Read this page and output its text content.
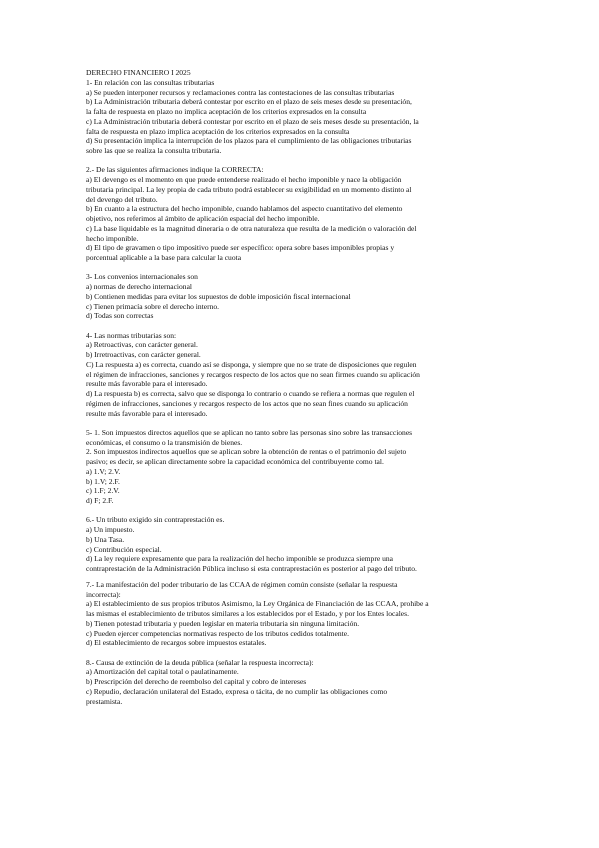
DERECHO FINANCIERO I 2025

1- En relación con las consultas tributarias

a) Se pueden interponer recursos y reclamaciones contra las contestaciones de las consultas tributarias

b) La Administración tributaria deberá contestar por escrito en el plazo de seis meses desde su presentación,

la falta de respuesta en plazo no implica aceptación de los criterios expresados en la consulta

c) La Administración tributaria deberá contestar por escrito en el plazo de seis meses desde su presentación, la

falta de respuesta en plazo implica aceptación de los criterios expresados en la consulta

d) Su presentación implica la interrupción de los plazos para el cumplimiento de las obligaciones tributarias

sobre las que se realiza la consulta tributaria.

2.- De las siguientes afirmaciones indique la CORRECTA:

a) El devengo es el momento en que puede entenderse realizado el hecho imponible y nace la obligación

tributaria principal. La ley propia de cada tributo podrá establecer su exigibilidad en un momento distinto al

del devengo del tributo.

b) En cuanto a la estructura del hecho imponible, cuando hablamos del aspecto cuantitativo del elemento

objetivo, nos referimos al ámbito de aplicación espacial del hecho imponible.

c) La base liquidable es la magnitud dineraria o de otra naturaleza que resulta de la medición o valoración del

hecho imponible.

d) El tipo de gravamen o tipo impositivo puede ser específico: opera sobre bases imponibles propias y

porcentual aplicable a la base para calcular la cuota

3- Los convenios internacionales son

a) normas de derecho internacional

b) Contienen medidas para evitar los supuestos de doble imposición fiscal internacional

c) Tienen primacía sobre el derecho interno.

d) Todas son correctas

4- Las normas tributarias son:

a) Retroactivas, con carácter general.

b) Irretroactivas, con carácter general.

C) La respuesta a) es correcta, cuando así se disponga, y siempre que no se trate de disposiciones que regulen

el régimen de infracciones, sanciones y recargos respecto de los actos que no sean firmes cuando su aplicación

resulte más favorable para el interesado.

d) La respuesta b) es correcta, salvo que se disponga lo contrario o cuando se refiera a normas que regulen el

régimen de infracciones, sanciones y recargos respecto de los actos que no sean fines cuando su aplicación

resulte más favorable para el interesado.

5- 1. Son impuestos directos aquellos que se aplican no tanto sobre las personas sino sobre las transacciones

económicas, el consumo o la transmisión de bienes.

2. Son impuestos indirectos aquellos que se aplican sobre la obtención de rentas o el patrimonio del sujeto

pasivo; es decir, se aplican directamente sobre la capacidad económica del contribuyente como tal.

a) 1.V; 2.V.

b) 1.V; 2.F.

c) 1.F; 2.V.

d) F; 2.F.

6.- Un tributo exigido sin contraprestación es.

a) Un impuesto.

b) Una Tasa.

c) Contribución especial.

d) La ley requiere expresamente que para la realización del hecho imponible se produzca siempre una

contraprestación de la Administración Pública incluso si esta contraprestación es posterior al pago del tributo.

7.- La manifestación del poder tributario de las CCAA de régimen común consiste (señalar la respuesta

incorrecta):

a) El establecimiento de sus propios tributos Asimismo, la Ley Orgánica de Financiación de las CCAA, prohibe a

las mismas el establecimiento de tributos similares a los establecidos por el Estado, y por los Entes locales.

b) Tienen potestad tributaria y pueden legislar en materia tributaria sin ninguna limitación.

c) Pueden ejercer competencias normativas respecto de los tributos cedidos totalmente.

d) El establecimiento de recargos sobre impuestos estatales.

8.- Causa de extinción de la deuda pública (señalar la respuesta incorrecta):

a) Amortización del capital total o paulatinamente.

b) Prescripción del derecho de reembolso del capital y cobro de intereses

c) Repudio, declaración unilateral del Estado, expresa o tácita, de no cumplir las obligaciones como

prestamista.
